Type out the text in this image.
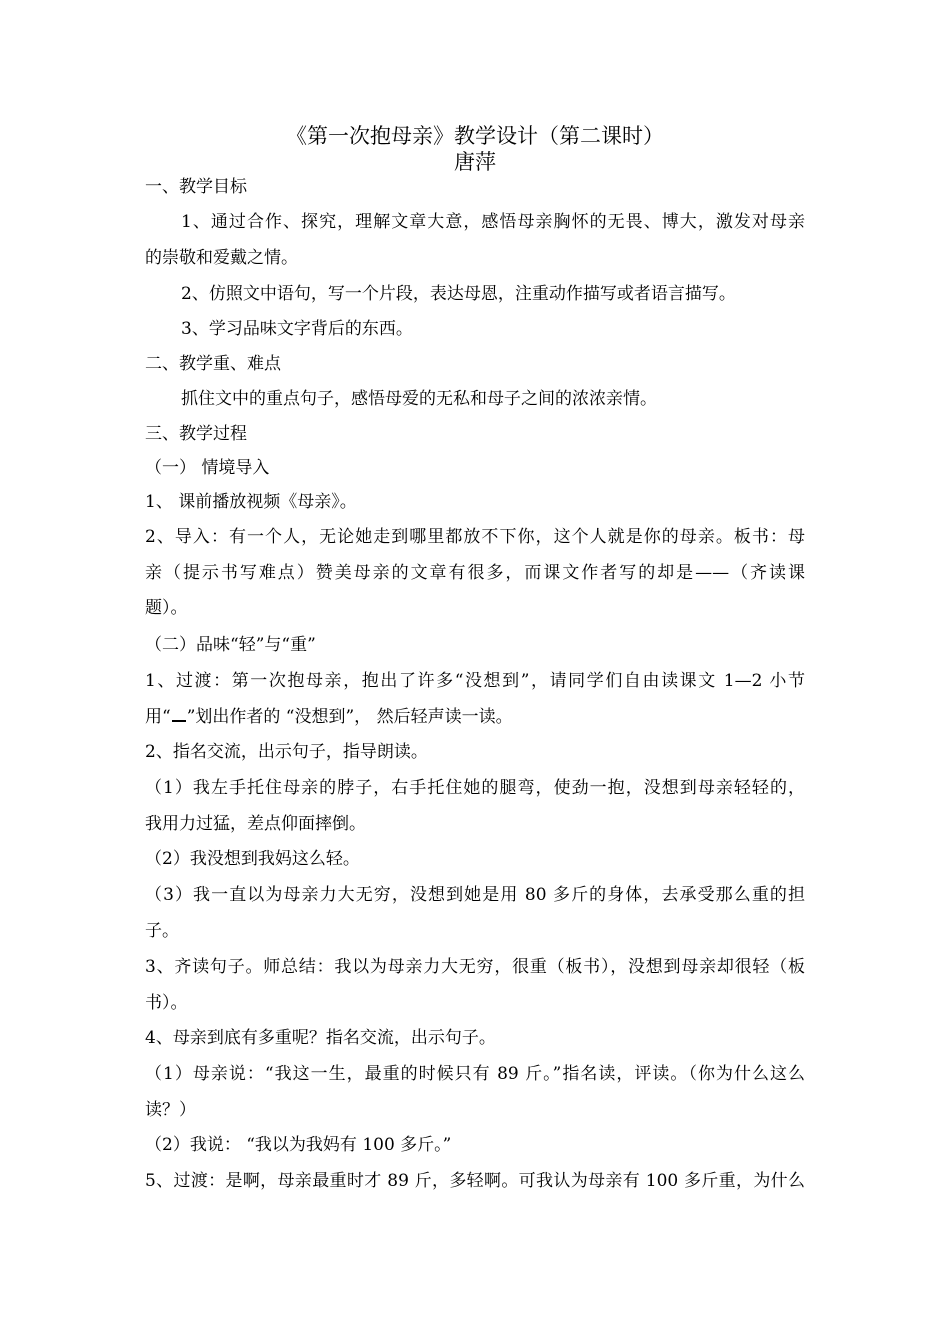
《第一次抱母亲》教学设计（第二课时）
唐萍
一、教学目标
1、通过合作、探究，理解文章大意，感悟母亲胸怀的无畏、博大，激发对母亲
的崇敬和爱戴之情。
2、仿照文中语句，写一个片段，表达母恩，注重动作描写或者语言描写。
3、学习品味文字背后的东西。
二、教学重、难点
抓住文中的重点句子，感悟母爱的无私和母子之间的浓浓亲情。
三、教学过程
（一） 情境导入
1、 课前播放视频《母亲》。
2、导入：有一个人，无论她走到哪里都放不下你，这个人就是你的母亲。板书：母
亲（提示书写难点）赞美母亲的文章有很多，而课文作者写的却是——（齐读课
题）。
（二）品味“轻”与“重”
1、过渡：第一次抱母亲，抱出了许多“没想到”，请同学们自由读课文 1—2 小节
用“ ”划出作者的 “没想到”， 然后轻声读一读。
2、指名交流，出示句子，指导朗读。
（1）我左手托住母亲的脖子，右手托住她的腿弯，使劲一抱，没想到母亲轻轻的，
我用力过猛，差点仰面摔倒。
（2）我没想到我妈这么轻。
（3）我一直以为母亲力大无穷，没想到她是用 80 多斤的身体，去承受那么重的担
子。
3、齐读句子。师总结：我以为母亲力大无穷，很重（板书），没想到母亲却很轻（板
书）。
4、母亲到底有多重呢？指名交流，出示句子。
（1）母亲说：“我这一生，最重的时候只有 89 斤。”指名读，评读。（你为什么这么
读？）
（2）我说： “我以为我妈有 100 多斤。”
5、过渡：是啊，母亲最重时才 89 斤，多轻啊。可我认为母亲有 100 多斤重，为什么
